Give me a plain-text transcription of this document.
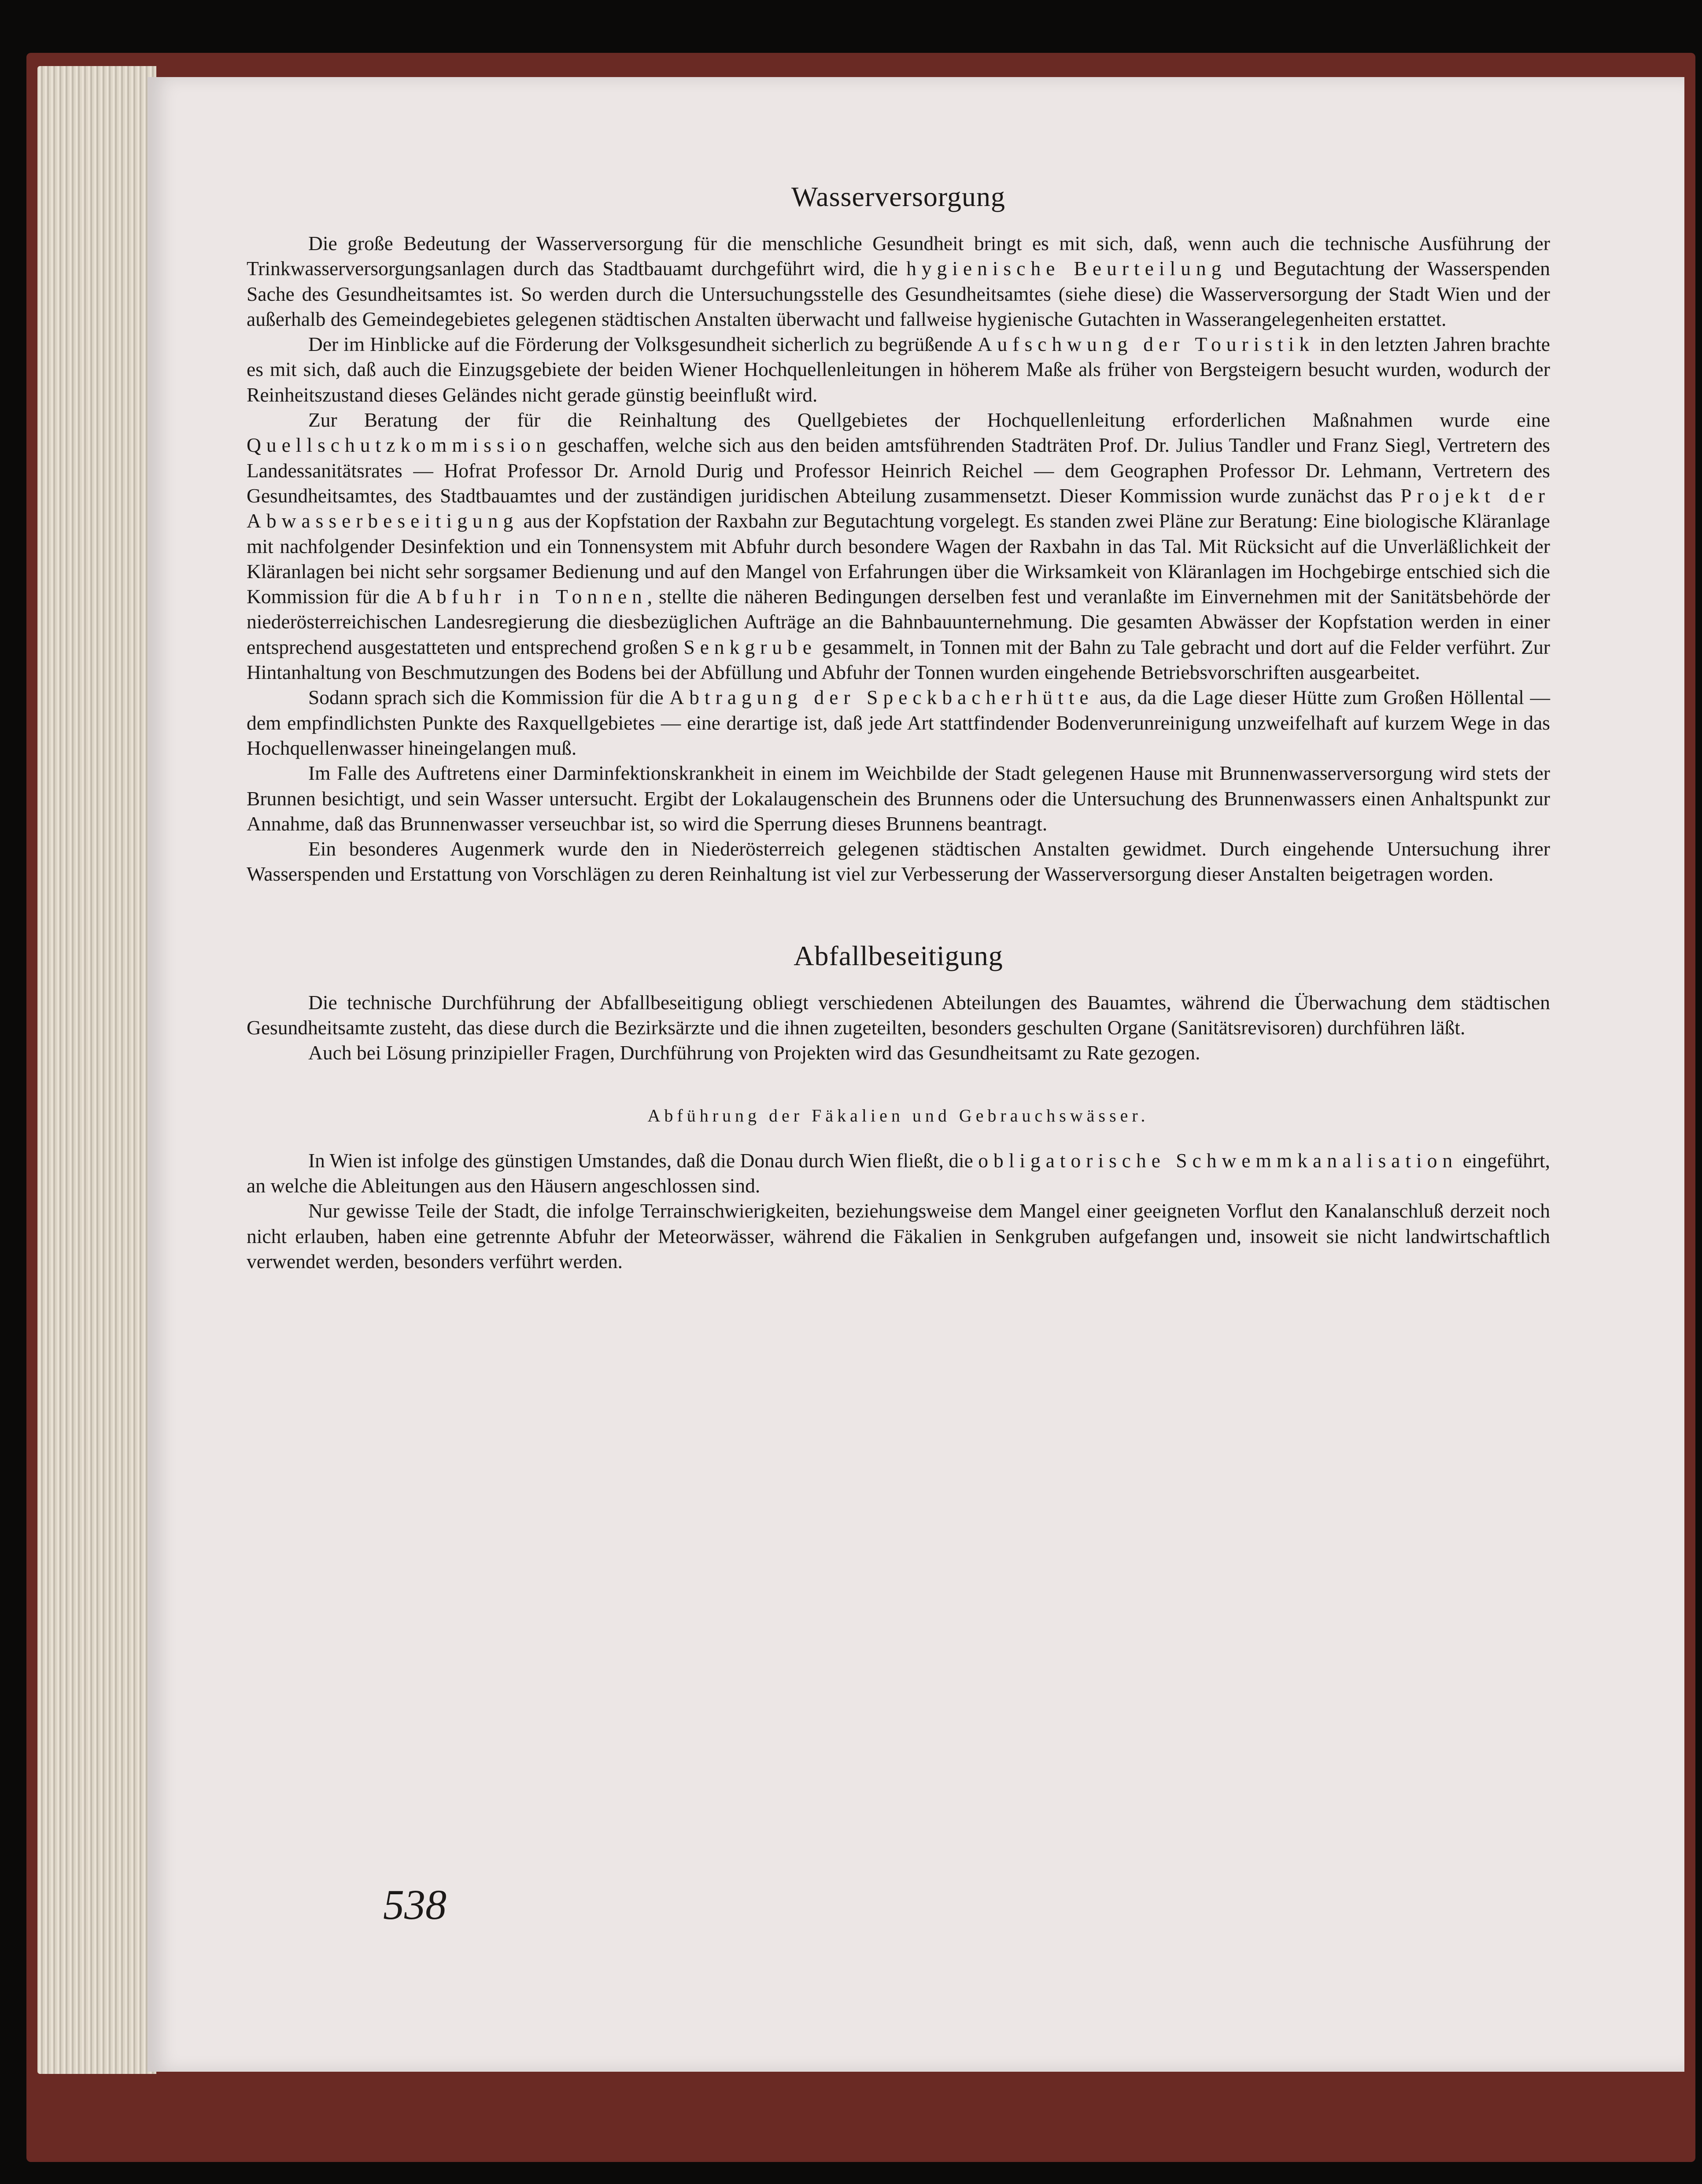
Wasserversorgung

Die große Bedeutung der Wasserversorgung für die menschliche Gesundheit bringt es mit sich, daß, wenn auch die technische Ausführung der Trinkwasserversorgungsanlagen durch das Stadtbauamt durchgeführt wird, die hygienische Beurteilung und Begutachtung der Wasserspenden Sache des Gesundheitsamtes ist. So werden durch die Untersuchungsstelle des Gesundheitsamtes (siehe diese) die Wasserversorgung der Stadt Wien und der außerhalb des Gemeindegebietes gelegenen städtischen Anstalten überwacht und fallweise hygienische Gutachten in Wasserangelegenheiten erstattet.

Der im Hinblicke auf die Förderung der Volksgesundheit sicherlich zu begrüßende Aufschwung der Touristik in den letzten Jahren brachte es mit sich, daß auch die Einzugsgebiete der beiden Wiener Hochquellenleitungen in höherem Maße als früher von Bergsteigern besucht wurden, wodurch der Reinheitszustand dieses Geländes nicht gerade günstig beeinflußt wird.

Zur Beratung der für die Reinhaltung des Quellgebietes der Hochquellenleitung erforderlichen Maßnahmen wurde eine Quellschutzkommission geschaffen, welche sich aus den beiden amtsführenden Stadträten Prof. Dr. Julius Tandler und Franz Siegl, Vertretern des Landessanitätsrates — Hofrat Professor Dr. Arnold Durig und Professor Heinrich Reichel — dem Geographen Professor Dr. Lehmann, Vertretern des Gesundheitsamtes, des Stadtbauamtes und der zuständigen juridischen Abteilung zusammensetzt. Dieser Kommission wurde zunächst das Projekt der Abwasserbeseitigung aus der Kopfstation der Raxbahn zur Begutachtung vorgelegt. Es standen zwei Pläne zur Beratung: Eine biologische Kläranlage mit nachfolgender Desinfektion und ein Tonnensystem mit Abfuhr durch besondere Wagen der Raxbahn in das Tal. Mit Rücksicht auf die Unverläßlichkeit der Kläranlagen bei nicht sehr sorgsamer Bedienung und auf den Mangel von Erfahrungen über die Wirksamkeit von Kläranlagen im Hochgebirge entschied sich die Kommission für die Abfuhr in Tonnen, stellte die näheren Bedingungen derselben fest und veranlaßte im Einvernehmen mit der Sanitätsbehörde der niederösterreichischen Landesregierung die diesbezüglichen Aufträge an die Bahnbauunternehmung. Die gesamten Abwässer der Kopfstation werden in einer entsprechend ausgestatteten und entsprechend großen Senkgrube gesammelt, in Tonnen mit der Bahn zu Tale gebracht und dort auf die Felder verführt. Zur Hintanhaltung von Beschmutzungen des Bodens bei der Abfüllung und Abfuhr der Tonnen wurden eingehende Betriebsvorschriften ausgearbeitet.

Sodann sprach sich die Kommission für die Abtragung der Speckbacherhütte aus, da die Lage dieser Hütte zum Großen Höllental — dem empfindlichsten Punkte des Raxquellgebietes — eine derartige ist, daß jede Art stattfindender Bodenverunreinigung unzweifelhaft auf kurzem Wege in das Hochquellenwasser hineingelangen muß.

Im Falle des Auftretens einer Darminfektionskrankheit in einem im Weichbilde der Stadt gelegenen Hause mit Brunnenwasserversorgung wird stets der Brunnen besichtigt, und sein Wasser untersucht. Ergibt der Lokalaugenschein des Brunnens oder die Untersuchung des Brunnenwassers einen Anhaltspunkt zur Annahme, daß das Brunnenwasser verseuchbar ist, so wird die Sperrung dieses Brunnens beantragt.

Ein besonderes Augenmerk wurde den in Niederösterreich gelegenen städtischen Anstalten gewidmet. Durch eingehende Untersuchung ihrer Wasserspenden und Erstattung von Vorschlägen zu deren Reinhaltung ist viel zur Verbesserung der Wasserversorgung dieser Anstalten beigetragen worden.

Abfallbeseitigung

Die technische Durchführung der Abfallbeseitigung obliegt verschiedenen Abteilungen des Bauamtes, während die Überwachung dem städtischen Gesundheitsamte zusteht, das diese durch die Bezirksärzte und die ihnen zugeteilten, besonders geschulten Organe (Sanitätsrevisoren) durchführen läßt.

Auch bei Lösung prinzipieller Fragen, Durchführung von Projekten wird das Gesundheitsamt zu Rate gezogen.

Abführung der Fäkalien und Gebrauchswässer.

In Wien ist infolge des günstigen Umstandes, daß die Donau durch Wien fließt, die obligatorische Schwemmkanalisation eingeführt, an welche die Ableitungen aus den Häusern angeschlossen sind.

Nur gewisse Teile der Stadt, die infolge Terrainschwierigkeiten, beziehungsweise dem Mangel einer geeigneten Vorflut den Kanalanschluß derzeit noch nicht erlauben, haben eine getrennte Abfuhr der Meteorwässer, während die Fäkalien in Senkgruben aufgefangen und, insoweit sie nicht landwirtschaftlich verwendet werden, besonders verführt werden.

538
